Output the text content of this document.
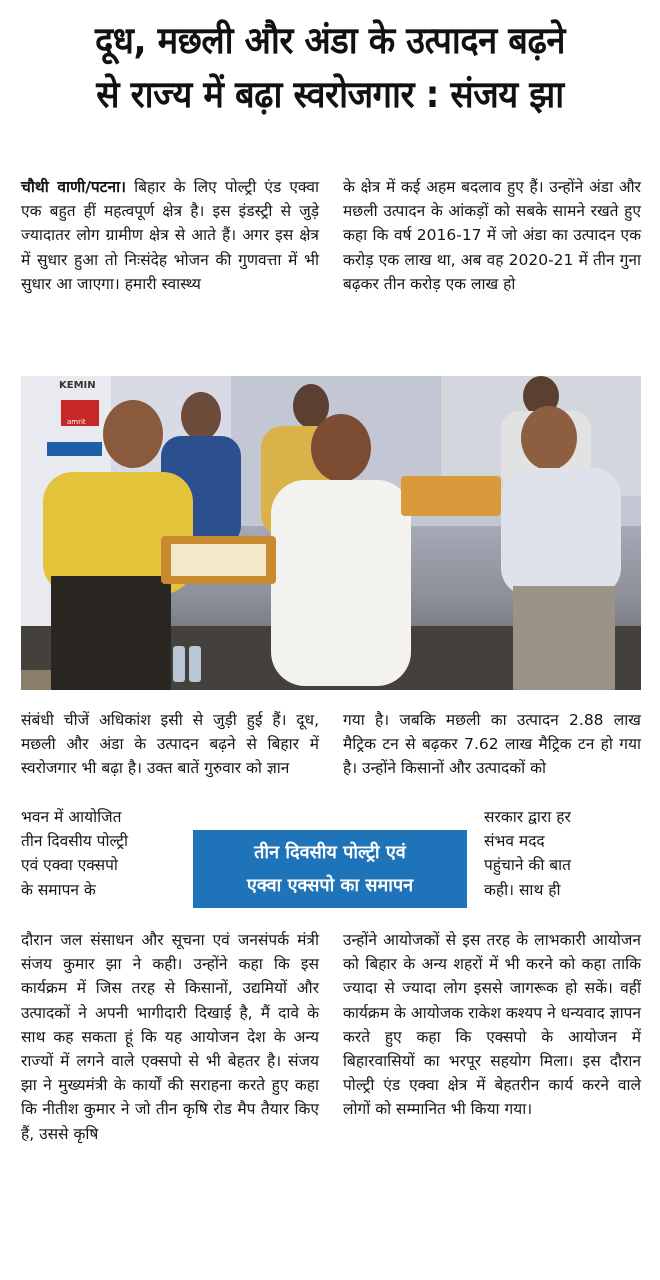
दूध, मछली और अंडा के उत्पादन बढ़ने
से राज्य में बढ़ा स्वरोजगार : संजय झा
चौथी वाणी/पटना। बिहार के लिए पोल्ट्री एंड एक्वा एक बहुत हीं महत्वपूर्ण क्षेत्र है। इस इंडस्ट्री से जुड़े ज्यादातर लोग ग्रामीण क्षेत्र से आते हैं। अगर इस क्षेत्र में सुधार हुआ तो निःसंदेह भोजन की गुणवत्ता में भी सुधार आ जाएगा। हमारी स्वास्थ्य
के क्षेत्र में कई अहम बदलाव हुए हैं। उन्होंने अंडा और मछली उत्पादन के आंकड़ों को सबके सामने रखते हुए कहा कि वर्ष 2016-17 में जो अंडा का उत्पादन एक करोड़ एक लाख था, अब वह 2020-21 में तीन गुना बढ़कर तीन करोड़ एक लाख हो
KEMIN
amrit
संबंधी चीजें अधिकांश इसी से जुड़ी हुई हैं। दूध, मछली और अंडा के उत्पादन बढ़ने से बिहार में स्वरोजगार भी बढ़ा है। उक्त बातें गुरुवार को ज्ञान
भवन में आयोजित
तीन दिवसीय पोल्ट्री
एवं एक्वा एक्सपो
के समापन के
दौरान जल संसाधन और सूचना एवं जनसंपर्क मंत्री संजय कुमार झा ने कही। उन्होंने कहा कि इस कार्यक्रम में जिस तरह से किसानों, उद्यमियों और उत्पादकों ने अपनी भागीदारी दिखाई है, मैं दावे के साथ कह सकता हूं कि यह आयोजन देश के अन्य राज्यों में लगने वाले एक्सपो से भी बेहतर है। संजय झा ने मुख्यमंत्री के कार्यों की सराहना करते हुए कहा कि नीतीश कुमार ने जो तीन कृषि रोड मैप तैयार किए हैं, उससे कृषि
गया है। जबकि मछली का उत्पादन 2.88 लाख मैट्रिक टन से बढ़कर 7.62 लाख मैट्रिक टन हो गया है। उन्होंने किसानों और उत्पादकों को
सरकार द्वारा हर
संभव मदद
पहुंचाने की बात
कही। साथ ही
उन्होंने आयोजकों से इस तरह के लाभकारी आयोजन को बिहार के अन्य शहरों में भी करने को कहा ताकि ज्यादा से ज्यादा लोग इससे जागरूक हो सकें। वहीं कार्यक्रम के आयोजक राकेश कश्यप ने धन्यवाद ज्ञापन करते हुए कहा कि एक्सपो के आयोजन में बिहारवासियों का भरपूर सहयोग मिला। इस दौरान पोल्ट्री एंड एक्वा क्षेत्र में बेहतरीन कार्य करने वाले लोगों को सम्मानित भी किया गया।
तीन दिवसीय पोल्ट्री एवं
एक्वा एक्सपो का समापन
